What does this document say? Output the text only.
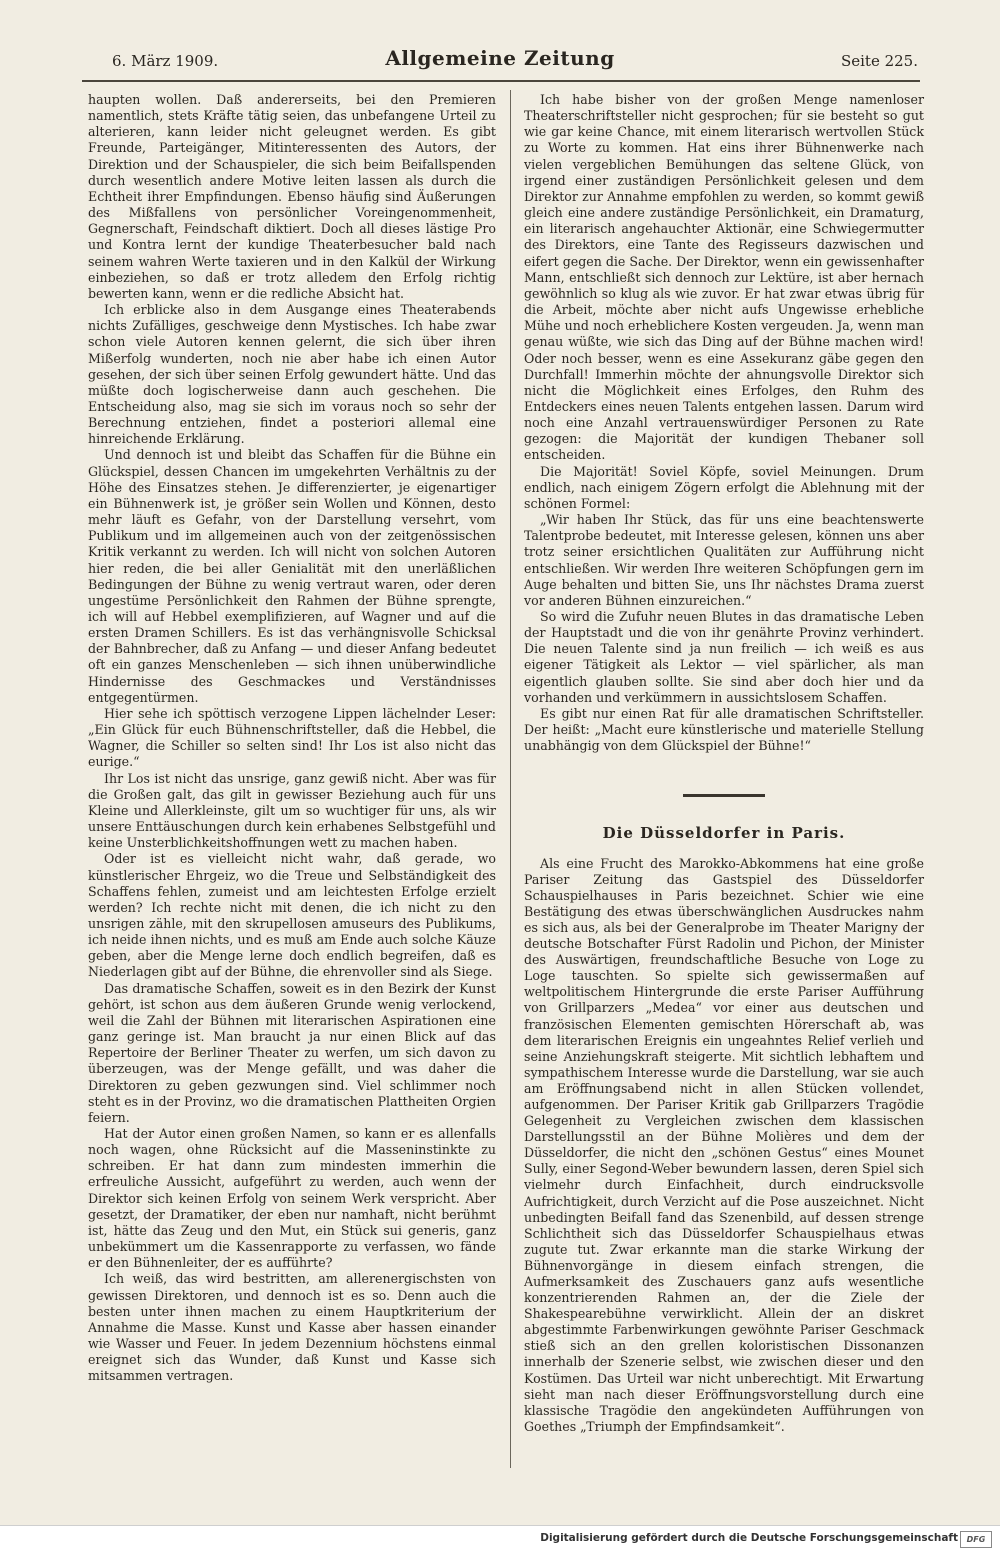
6. März 1909.	Allgemeine Zeitung	Seite 225.

haupten wollen. Daß andererseits, bei den Premieren namentlich, stets Kräfte tätig seien, das unbefangene Urteil zu alterieren, kann leider nicht geleugnet werden. Es gibt Freunde, Parteigänger, Mitinteressenten des Autors, der Direktion und der Schauspieler, die sich beim Beifallspenden durch wesentlich andere Motive leiten lassen als durch die Echtheit ihrer Empfindungen. Ebenso häufig sind Äußerungen des Mißfallens von persönlicher Voreingenommenheit, Gegnerschaft, Feindschaft diktiert. Doch all dieses lästige Pro und Kontra lernt der kundige Theaterbesucher bald nach seinem wahren Werte taxieren und in den Kalkül der Wirkung einbeziehen, so daß er trotz alledem den Erfolg richtig bewerten kann, wenn er die redliche Absicht hat.

Ich erblicke also in dem Ausgange eines Theaterabends nichts Zufälliges, geschweige denn Mystisches. Ich habe zwar schon viele Autoren kennen gelernt, die sich über ihren Mißerfolg wunderten, noch nie aber habe ich einen Autor gesehen, der sich über seinen Erfolg gewundert hätte. Und das müßte doch logischerweise dann auch geschehen. Die Entscheidung also, mag sie sich im voraus noch so sehr der Berechnung entziehen, findet a posteriori allemal eine hinreichende Erklärung.

Und dennoch ist und bleibt das Schaffen für die Bühne ein Glückspiel, dessen Chancen im umgekehrten Verhältnis zu der Höhe des Einsatzes stehen. Je differenzierter, je eigenartiger ein Bühnenwerk ist, je größer sein Wollen und Können, desto mehr läuft es Gefahr, von der Darstellung versehrt, vom Publikum und im allgemeinen auch von der zeitgenössischen Kritik verkannt zu werden. Ich will nicht von solchen Autoren hier reden, die bei aller Genialität mit den unerläßlichen Bedingungen der Bühne zu wenig vertraut waren, oder deren ungestüme Persönlichkeit den Rahmen der Bühne sprengte, ich will auf Hebbel exemplifizieren, auf Wagner und auf die ersten Dramen Schillers. Es ist das verhängnisvolle Schicksal der Bahnbrecher, daß zu Anfang — und dieser Anfang bedeutet oft ein ganzes Menschenleben — sich ihnen unüberwindliche Hindernisse des Geschmackes und Verständnisses entgegentürmen.

Hier sehe ich spöttisch verzogene Lippen lächelnder Leser: „Ein Glück für euch Bühnenschriftsteller, daß die Hebbel, die Wagner, die Schiller so selten sind! Ihr Los ist also nicht das eurige.“

Ihr Los ist nicht das unsrige, ganz gewiß nicht. Aber was für die Großen galt, das gilt in gewisser Beziehung auch für uns Kleine und Allerkleinste, gilt um so wuchtiger für uns, als wir unsere Enttäuschungen durch kein erhabenes Selbstgefühl und keine Unsterblichkeitshoffnungen wett zu machen haben.

Oder ist es vielleicht nicht wahr, daß gerade, wo künstlerischer Ehrgeiz, wo die Treue und Selbständigkeit des Schaffens fehlen, zumeist und am leichtesten Erfolge erzielt werden? Ich rechte nicht mit denen, die ich nicht zu den unsrigen zähle, mit den skrupellosen amuseurs des Publikums, ich neide ihnen nichts, und es muß am Ende auch solche Käuze geben, aber die Menge lerne doch endlich begreifen, daß es Niederlagen gibt auf der Bühne, die ehrenvoller sind als Siege.

Das dramatische Schaffen, soweit es in den Bezirk der Kunst gehört, ist schon aus dem äußeren Grunde wenig verlockend, weil die Zahl der Bühnen mit literarischen Aspirationen eine ganz geringe ist. Man braucht ja nur einen Blick auf das Repertoire der Berliner Theater zu werfen, um sich davon zu überzeugen, was der Menge gefällt, und was daher die Direktoren zu geben gezwungen sind. Viel schlimmer noch steht es in der Provinz, wo die dramatischen Plattheiten Orgien feiern.

Hat der Autor einen großen Namen, so kann er es allenfalls noch wagen, ohne Rücksicht auf die Masseninstinkte zu schreiben. Er hat dann zum mindesten immerhin die erfreuliche Aussicht, aufgeführt zu werden, auch wenn der Direktor sich keinen Erfolg von seinem Werk verspricht. Aber gesetzt, der Dramatiker, der eben nur namhaft, nicht berühmt ist, hätte das Zeug und den Mut, ein Stück sui generis, ganz unbekümmert um die Kassenrapporte zu verfassen, wo fände er den Bühnenleiter, der es aufführte?

Ich weiß, das wird bestritten, am allerenergischsten von gewissen Direktoren, und dennoch ist es so. Denn auch die besten unter ihnen machen zu einem Hauptkriterium der Annahme die Masse. Kunst und Kasse aber hassen einander wie Wasser und Feuer. In jedem Dezennium höchstens einmal ereignet sich das Wunder, daß Kunst und Kasse sich mitsammen vertragen.

Ich habe bisher von der großen Menge namenloser Theaterschriftsteller nicht gesprochen; für sie besteht so gut wie gar keine Chance, mit einem literarisch wertvollen Stück zu Worte zu kommen. Hat eins ihrer Bühnenwerke nach vielen vergeblichen Bemühungen das seltene Glück, von irgend einer zuständigen Persönlichkeit gelesen und dem Direktor zur Annahme empfohlen zu werden, so kommt gewiß gleich eine andere zuständige Persönlichkeit, ein Dramaturg, ein literarisch angehauchter Aktionär, eine Schwiegermutter des Direktors, eine Tante des Regisseurs dazwischen und eifert gegen die Sache. Der Direktor, wenn ein gewissenhafter Mann, entschließt sich dennoch zur Lektüre, ist aber hernach gewöhnlich so klug als wie zuvor. Er hat zwar etwas übrig für die Arbeit, möchte aber nicht aufs Ungewisse erhebliche Mühe und noch erheblichere Kosten vergeuden. Ja, wenn man genau wüßte, wie sich das Ding auf der Bühne machen wird! Oder noch besser, wenn es eine Assekuranz gäbe gegen den Durchfall! Immerhin möchte der ahnungsvolle Direktor sich nicht die Möglichkeit eines Erfolges, den Ruhm des Entdeckers eines neuen Talents entgehen lassen. Darum wird noch eine Anzahl vertrauenswürdiger Personen zu Rate gezogen: die Majorität der kundigen Thebaner soll entscheiden.

Die Majorität! Soviel Köpfe, soviel Meinungen. Drum endlich, nach einigem Zögern erfolgt die Ablehnung mit der schönen Formel:

„Wir haben Ihr Stück, das für uns eine beachtenswerte Talentprobe bedeutet, mit Interesse gelesen, können uns aber trotz seiner ersichtlichen Qualitäten zur Aufführung nicht entschließen. Wir werden Ihre weiteren Schöpfungen gern im Auge behalten und bitten Sie, uns Ihr nächstes Drama zuerst vor anderen Bühnen einzureichen.“

So wird die Zufuhr neuen Blutes in das dramatische Leben der Hauptstadt und die von ihr genährte Provinz verhindert. Die neuen Talente sind ja nun freilich — ich weiß es aus eigener Tätigkeit als Lektor — viel spärlicher, als man eigentlich glauben sollte. Sie sind aber doch hier und da vorhanden und verkümmern in aussichtslosem Schaffen.

Es gibt nur einen Rat für alle dramatischen Schriftsteller. Der heißt: „Macht eure künstlerische und materielle Stellung unabhängig von dem Glückspiel der Bühne!“

Die Düsseldorfer in Paris.

Als eine Frucht des Marokko-Abkommens hat eine große Pariser Zeitung das Gastspiel des Düsseldorfer Schauspielhauses in Paris bezeichnet. Schier wie eine Bestätigung des etwas überschwänglichen Ausdruckes nahm es sich aus, als bei der Generalprobe im Theater Marigny der deutsche Botschafter Fürst Radolin und Pichon, der Minister des Auswärtigen, freundschaftliche Besuche von Loge zu Loge tauschten. So spielte sich gewissermaßen auf weltpolitischem Hintergrunde die erste Pariser Aufführung von Grillparzers „Medea“ vor einer aus deutschen und französischen Elementen gemischten Hörerschaft ab, was dem literarischen Ereignis ein ungeahntes Relief verlieh und seine Anziehungskraft steigerte. Mit sichtlich lebhaftem und sympathischem Interesse wurde die Darstellung, war sie auch am Eröffnungsabend nicht in allen Stücken vollendet, aufgenommen. Der Pariser Kritik gab Grillparzers Tragödie Gelegenheit zu Vergleichen zwischen dem klassischen Darstellungsstil an der Bühne Molières und dem der Düsseldorfer, die nicht den „schönen Gestus“ eines Mounet Sully, einer Segond-Weber bewundern lassen, deren Spiel sich vielmehr durch Einfachheit, durch eindrucksvolle Aufrichtigkeit, durch Verzicht auf die Pose auszeichnet. Nicht unbedingten Beifall fand das Szenenbild, auf dessen strenge Schlichtheit sich das Düsseldorfer Schauspielhaus etwas zugute tut. Zwar erkannte man die starke Wirkung der Bühnenvorgänge in diesem einfach strengen, die Aufmerksamkeit des Zuschauers ganz aufs wesentliche konzentrierenden Rahmen an, der die Ziele der Shakespearebühne verwirklicht. Allein der an diskret abgestimmte Farbenwirkungen gewöhnte Pariser Geschmack stieß sich an den grellen koloristischen Dissonanzen innerhalb der Szenerie selbst, wie zwischen dieser und den Kostümen. Das Urteil war nicht unberechtigt. Mit Erwartung sieht man nach dieser Eröffnungsvorstellung durch eine klassische Tragödie den angekündeten Aufführungen von Goethes „Triumph der Empfindsamkeit“.

Digitalisierung gefördert durch die Deutsche Forschungsgemeinschaft	DFG
